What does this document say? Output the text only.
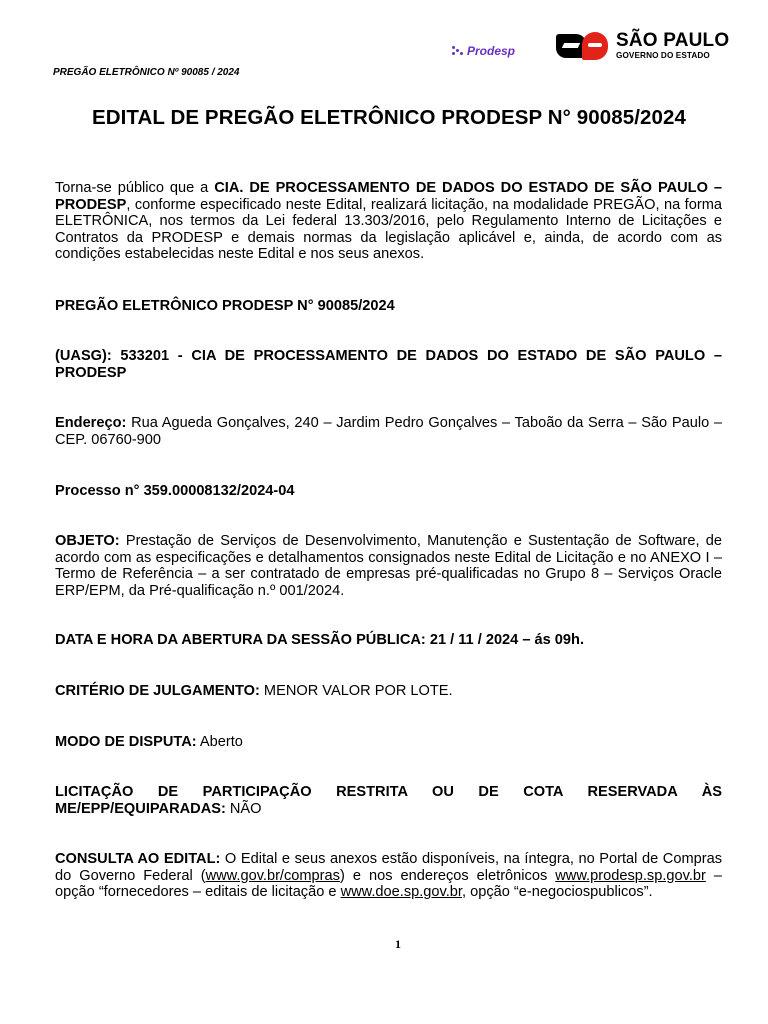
PREGÃO ELETRÔNICO Nº 90085 / 2024
Prodesp	SÃO PAULO
GOVERNO DO ESTADO
EDITAL DE PREGÃO ELETRÔNICO PRODESP N° 90085/2024

Torna-se público que a CIA. DE PROCESSAMENTO DE DADOS DO ESTADO DE SÃO PAULO – PRODESP, conforme especificado neste Edital, realizará licitação, na modalidade PREGÃO, na forma ELETRÔNICA, nos termos da Lei federal 13.303/2016, pelo Regulamento Interno de Licitações e Contratos da PRODESP e demais normas da legislação aplicável e, ainda, de acordo com as condições estabelecidas neste Edital e nos seus anexos.

PREGÃO ELETRÔNICO PRODESP N° 90085/2024
(UASG): 533201 - CIA DE PROCESSAMENTO DE DADOS DO ESTADO DE SÃO PAULO – PRODESP
Endereço: Rua Agueda Gonçalves, 240 – Jardim Pedro Gonçalves – Taboão da Serra – São Paulo – CEP. 06760-900
Processo n° 359.00008132/2024-04
OBJETO: Prestação de Serviços de Desenvolvimento, Manutenção e Sustentação de Software, de acordo com as especificações e detalhamentos consignados neste Edital de Licitação e no ANEXO I – Termo de Referência – a ser contratado de empresas pré-qualificadas no Grupo 8 – Serviços Oracle ERP/EPM, da Pré-qualificação n.º 001/2024.
DATA E HORA DA ABERTURA DA SESSÃO PÚBLICA: 21 / 11 / 2024 – ás 09h.
CRITÉRIO DE JULGAMENTO: MENOR VALOR POR LOTE.
MODO DE DISPUTA: Aberto
LICITAÇÃO DE PARTICIPAÇÃO RESTRITA OU DE COTA RESERVADA ÀS ME/EPP/EQUIPARADAS: NÃO
CONSULTA AO EDITAL: O Edital e seus anexos estão disponíveis, na íntegra, no Portal de Compras do Governo Federal (www.gov.br/compras) e nos endereços eletrônicos www.prodesp.sp.gov.br – opção “fornecedores – editais de licitação e www.doe.sp.gov.br, opção “e-negociospublicos”.
1
